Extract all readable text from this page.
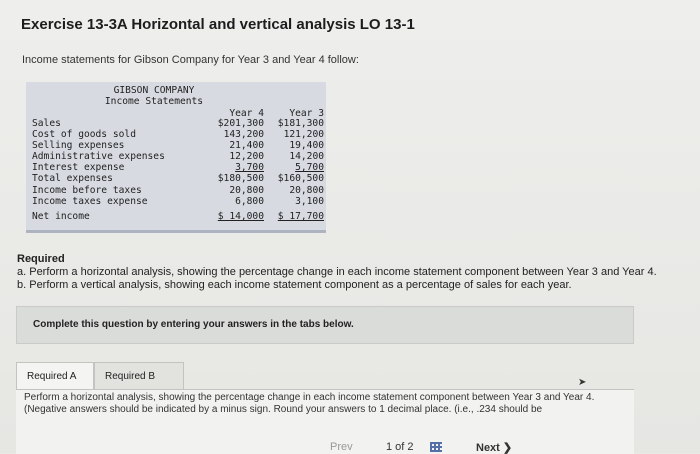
Exercise 13-3A Horizontal and vertical analysis LO 13-1
Income statements for Gibson Company for Year 3 and Year 4 follow:
GIBSON COMPANY
Income Statements
Year 4	Year 3
Sales	$201,300	$181,300
Cost of goods sold	143,200	121,200
Selling expenses	21,400	19,400
Administrative expenses	12,200	14,200
Interest expense	3,700	5,700
Total expenses	$180,500	$160,500
Income before taxes	20,800	20,800
Income taxes expense	6,800	3,100
Net income	$ 14,000	$ 17,700
Required
a. Perform a horizontal analysis, showing the percentage change in each income statement component between Year 3 and Year 4.
b. Perform a vertical analysis, showing each income statement component as a percentage of sales for each year.
Complete this question by entering your answers in the tabs below.
Required A	Required B
➤
Perform a horizontal analysis, showing the percentage change in each income statement component between Year 3 and Year 4. (Negative answers should be indicated by a minus sign. Round your answers to 1 decimal place. (i.e., .234 should be
Prev	1 of 2	Next ❯
